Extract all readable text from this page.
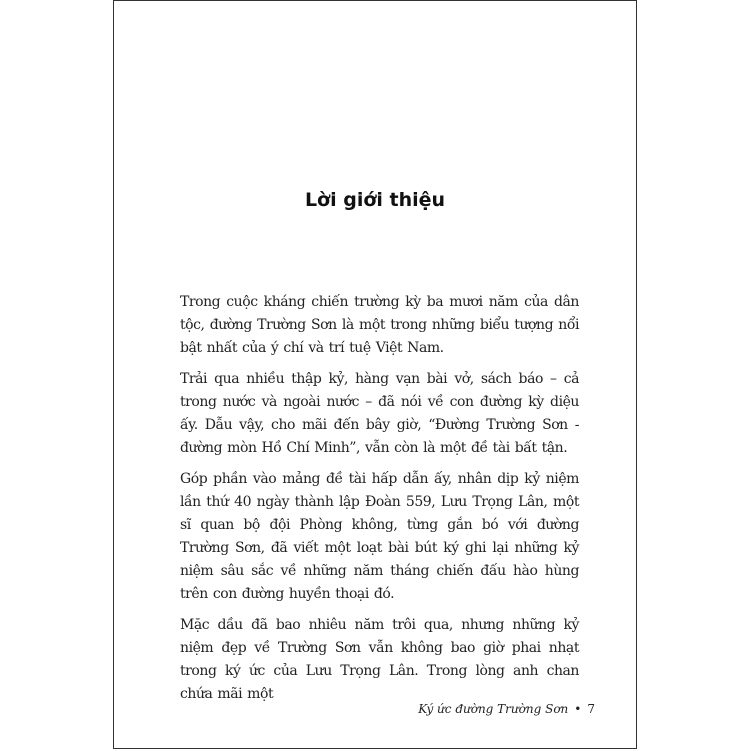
Lời giới thiệu

Trong cuộc kháng chiến trường kỳ ba mươi năm của dân tộc, đường Trường Sơn là một trong những biểu tượng nổi bật nhất của ý chí và trí tuệ Việt Nam.

Trải qua nhiều thập kỷ, hàng vạn bài vở, sách báo – cả trong nước và ngoài nước – đã nói về con đường kỳ diệu ấy. Dẫu vậy, cho mãi đến bây giờ, “Đường Trường Sơn - đường mòn Hồ Chí Minh”, vẫn còn là một đề tài bất tận.

Góp phần vào mảng đề tài hấp dẫn ấy, nhân dịp kỷ niệm lần thứ 40 ngày thành lập Đoàn 559, Lưu Trọng Lân, một sĩ quan bộ đội Phòng không, từng gắn bó với đường Trường Sơn, đã viết một loạt bài bút ký ghi lại những kỷ niệm sâu sắc về những năm tháng chiến đấu hào hùng trên con đường huyền thoại đó.

Mặc dầu đã bao nhiêu năm trôi qua, nhưng những kỷ niệm đẹp về Trường Sơn vẫn không bao giờ phai nhạt trong ký ức của Lưu Trọng Lân. Trong lòng anh chan chứa mãi một

Ký ức đường Trường Sơn • 7
